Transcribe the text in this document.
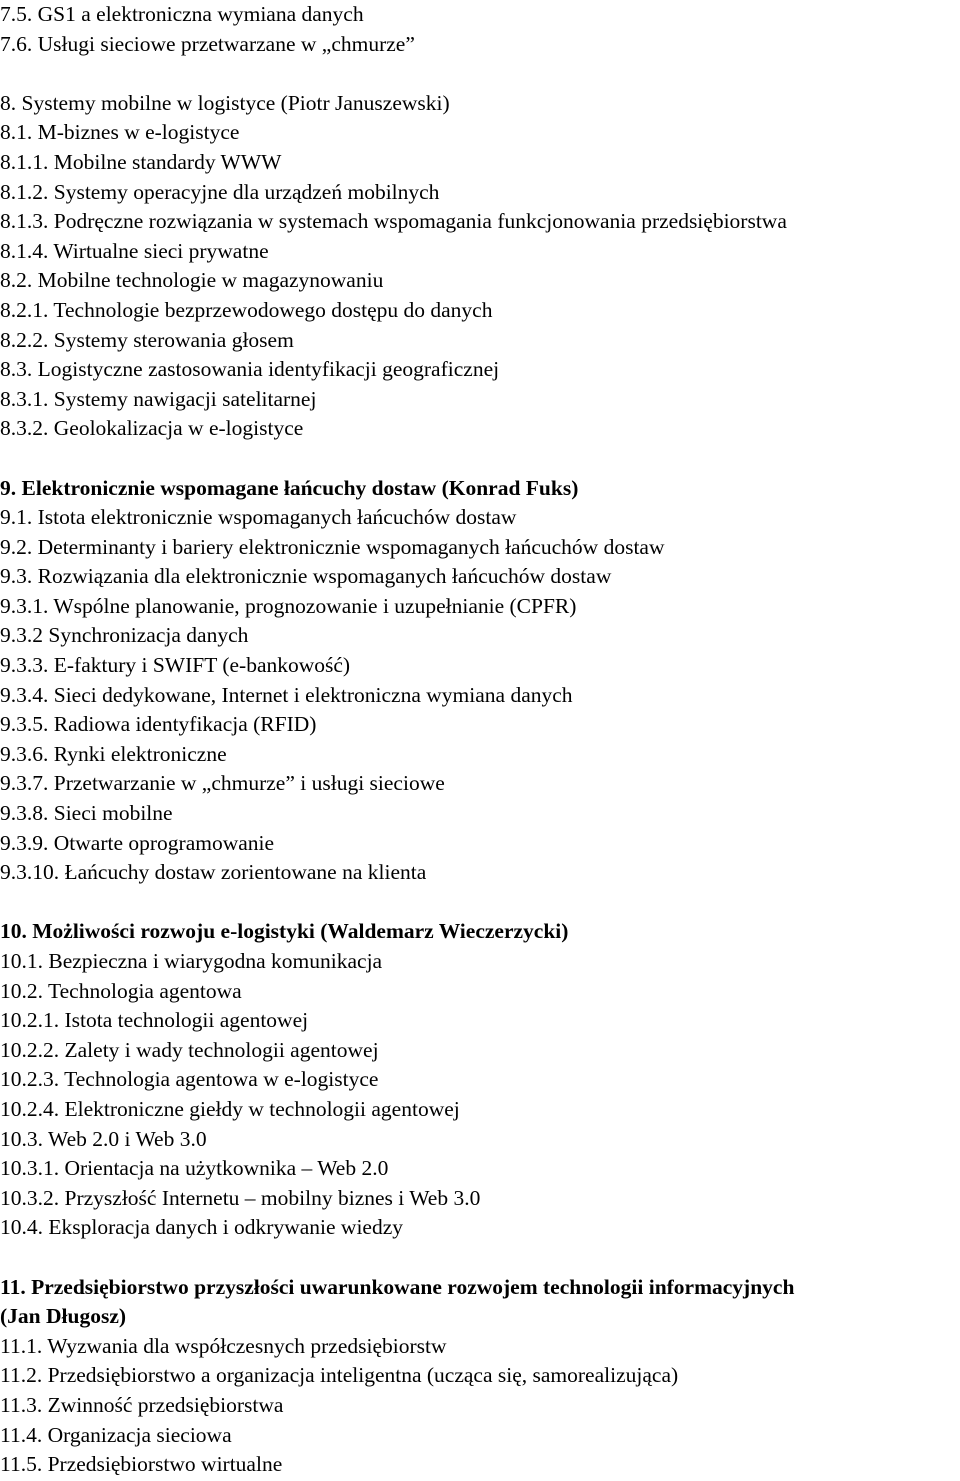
7.5. GS1 a elektroniczna wymiana danych
7.6. Usługi sieciowe przetwarzane w „chmurze”
8. Systemy mobilne w logistyce (Piotr Januszewski)
8.1. M-biznes w e-logistyce
8.1.1. Mobilne standardy WWW
8.1.2. Systemy operacyjne dla urządzeń mobilnych
8.1.3. Podręczne rozwiązania w systemach wspomagania funkcjonowania przedsiębiorstwa
8.1.4. Wirtualne sieci prywatne
8.2. Mobilne technologie w magazynowaniu
8.2.1. Technologie bezprzewodowego dostępu do danych
8.2.2. Systemy sterowania głosem
8.3. Logistyczne zastosowania identyfikacji geograficznej
8.3.1. Systemy nawigacji satelitarnej
8.3.2. Geolokalizacja w e-logistyce
9. Elektronicznie wspomagane łańcuchy dostaw (Konrad Fuks)
9.1. Istota elektronicznie wspomaganych łańcuchów dostaw
9.2. Determinanty i bariery elektronicznie wspomaganych łańcuchów dostaw
9.3. Rozwiązania dla elektronicznie wspomaganych łańcuchów dostaw
9.3.1. Wspólne planowanie, prognozowanie i uzupełnianie (CPFR)
9.3.2 Synchronizacja danych
9.3.3. E-faktury i SWIFT (e-bankowość)
9.3.4. Sieci dedykowane, Internet i elektroniczna wymiana danych
9.3.5. Radiowa identyfikacja (RFID)
9.3.6. Rynki elektroniczne
9.3.7. Przetwarzanie w „chmurze” i usługi sieciowe
9.3.8. Sieci mobilne
9.3.9. Otwarte oprogramowanie
9.3.10. Łańcuchy dostaw zorientowane na klienta
10. Możliwości rozwoju e-logistyki (Waldemarz Wieczerzycki)
10.1. Bezpieczna i wiarygodna komunikacja
10.2. Technologia agentowa
10.2.1. Istota technologii agentowej
10.2.2. Zalety i wady technologii agentowej
10.2.3. Technologia agentowa w e-logistyce
10.2.4. Elektroniczne giełdy w technologii agentowej
10.3. Web 2.0 i Web 3.0
10.3.1. Orientacja na użytkownika – Web 2.0
10.3.2. Przyszłość Internetu – mobilny biznes i Web 3.0
10.4. Eksploracja danych i odkrywanie wiedzy
11. Przedsiębiorstwo przyszłości uwarunkowane rozwojem technologii informacyjnych
(Jan Długosz)
11.1. Wyzwania dla współczesnych przedsiębiorstw
11.2. Przedsiębiorstwo a organizacja inteligentna (ucząca się, samorealizująca)
11.3. Zwinność przedsiębiorstwa
11.4. Organizacja sieciowa
11.5. Przedsiębiorstwo wirtualne
